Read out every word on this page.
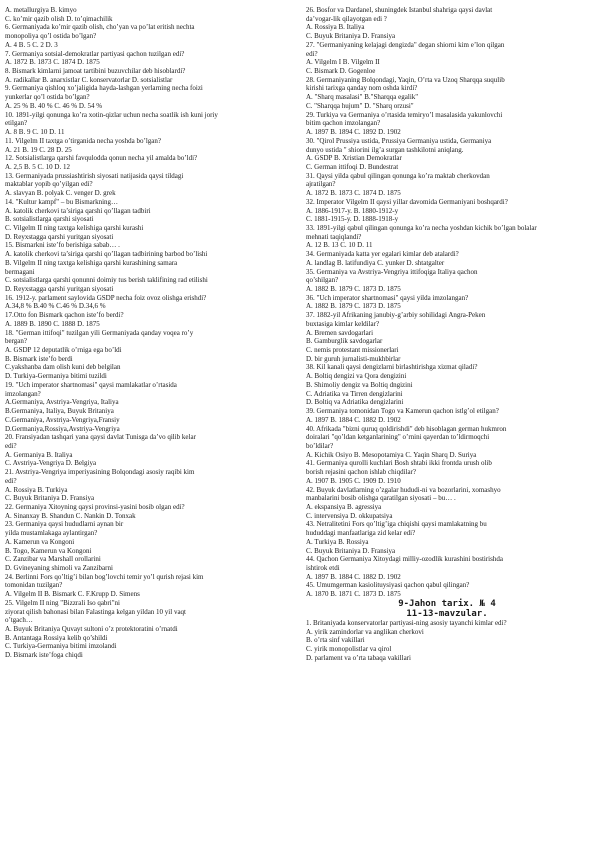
A. metallurgiya B. kimyo
C. ko’mir qazib olish D. to’qimachilik
6. Germaniyada ko’mir qazib olish, cho’yan va po’lat eritish nechta
monopoliya qo’l ostida bo’lgan?
A. 4 B. 5 C. 2 D. 3
7. Germaniya sotsial-demokratlar partiyasi qachon tuzilgan edi?
A. 1872 B. 1873 C. 1874 D. 1875
8. Bismark kimlarni jamoat tartibini buzuvchilar deb hisoblardi?
A. radikallar B. anarxistlar C. konservatorlar D. sotsialistlar
9. Germaniya qishloq xo’jaligida hayda-lashgan yerlarning necha foizi
yunkerlar qo’l ostida bo’lgan?
A. 25 % B. 40 % C. 46 % D. 54 %
10. 1891-yilgi qonunga ko’ra xotin-qizlar uchun necha soatlik ish kuni joriy
etilgan?
A. 8 B. 9 C. 10 D. 11
11. Vilgelm II taxtga o’tirganida necha yoshda bo’lgan?
A. 21 B. 19 C. 28 D. 25
12. Sotsialistlarga qarshi favqulodda qonun necha yil amalda bo’ldi?
A. 2,5 B. 5 C. 10 D. 12
13. Germaniyada prussiashtirish siyosati natijasida qaysi tildagi
maktablar yopib qo’yilgan edi?
A. slavyan B. polyak C. venger D. grek
14. "Kultur kampf" – bu Bismarkning…
A. katolik cherkovi ta’siriga qarshi qo’llagan tadbiri
B. sotsialistlarga qarshi siyosati
C. Vilgelm II ning taxtga kelishiga qarshi kurashi
D. Reyxstagga qarshi yuritgan siyosati
15. Bismarkni iste’fo berishiga sabab… .
A. katolik cherkovi ta’siriga qarshi qo’llagan tadbirining barbod bo’lishi
B. Vilgelm II ning taxtga kelishiga qarshi kurashining samara
bermagani
C. sotsialistlarga qarshi qonunni doimiy tus berish taklifining rad etilishi
D. Reyxstagga qarshi yuritgan siyosati
16. 1912-y. parlament saylovida GSDP necha foiz ovoz olishga erishdi?
A.34,8 % B.40 % C.46 % D.34,6 %
17.Otto fon Bismark qachon iste’fo berdi?
A. 1889 B. 1890 C. 1888 D. 1875
18. "German ittifoqi" tuzilgan yili Germaniyada qanday voqea ro’y
bergan?
A. GSDP 12 deputatlik o’rniga ega bo’ldi
B. Bismark iste’fo berdi
C.yakshanba dam olish kuni deb belgilan
D. Turkiya-Germaniya bitimi tuzildi
19. "Uch imperator shartnomasi" qaysi mamlakatlar o’rtasida
imzolangan?
A.Germaniya, Avstriya-Vengriya, Italiya
B.Germaniya, Italiya, Buyuk Britaniya
C.Germaniya, Avstriya-Vengriya,Fransiy
D.Germaniya,Rossiya,Avstriya-Vengriya
20. Fransiyadan tashqari yana qaysi davlat Tunisga da’vo qilib kelar
edi?
A. Germaniya B. Italiya
C. Avstriya-Vengriya D. Belgiya
21. Avstriya-Vengriya imperiyasining Bolqondagi asosiy raqibi kim
edi?
A. Rossiya B. Turkiya
C. Buyuk Britaniya D. Fransiya
22. Germaniya Xitoyning qaysi provinsi-yasini bosib olgan edi?
A. Sinanxay B. Shandun C. Nankin D. Tonxak
23. Germaniya qaysi hududlarni aynan bir
yilda mustamlakaga aylantirgan?
A. Kamerun va Kongoni
B. Togo, Kamerun va Kongoni
C. Zanzibar va Marshall orollarini
D. Gvineyaning shimoli va Zanzibarni
24. Berlinni Fors qo’ltig’i bilan bog’lovchi temir yo’l qurish rejasi kim
tomonidan tuzilgan?
A. Vilgelm II B. Bismark C. F.Krupp D. Simens
25. Vilgelm II ning "Bizzrali Iso qabri"ni
ziyorat qilish bahonasi bilan Falastinga kelgan yildan 10 yil vaqt
o’tgach…
A. Buyuk Britaniya Quvayt sultoni o’z protektoratini o’rnatdi
B. Antantaga Rossiya kelib qo’shildi
C. Turkiya-Germaniya bitimi imzolandi
D. Bismark iste’foga chiqdi
26. Bosfor va Dardanel, shuningdek Istanbul shahriga qaysi davlat
da’vogar-lik qilayotgan edi ?
A. Rossiya B. Italiya
C. Buyuk Britaniya D. Fransiya
27. "Germaniyaning kelajagi dengizda" degan shiorni kim e’lon qilgan
edi?
A. Vilgelm I B. Vilgelm II
C. Bismark D. Gogenloe
28. Germaniyaning Bolqondagi, Yaqin, O’rta va Uzoq Sharqqa suqulib
kirishi tarixga qanday nom oshda kirdi?
A. "Sharq masalasi" B."Sharqqa egalik"
C. "Sharqqa hujum" D. "Sharq orzusi"
29. Turkiya va Germaniya o’rtasida temiryo’l masalasida yakunlovchi
bitim qachon imzolangan?
A. 1897 B. 1894 C. 1892 D. 1902
30. "Qirol Prussiya ustida, Prussiya Germaniya ustida, Germaniya
dunyo ustida " shiorini ilg’a surgan tashkilotni aniqlang.
A. GSDP B. Xristian Demokratlar
C. German ittifoqi D. Bundestrat
31. Qaysi yilda qabul qilingan qonunga ko’ra maktab cherkovdan
ajratilgan?
A. 1872 B. 1873 C. 1874 D. 1875
32. Imperator Vilgelm II qaysi yillar davomida Germaniyani boshqardi?
A. 1886-1917-y. B. 1880-1912-y
C. 1881-1915-y. D. 1888-1918-y
33. 1891-yilgi qabul qilingan qonunga ko’ra necha yoshdan kichik bo’lgan bolalar
mehnati taqiqlandi?
A. 12 B. 13 C. 10 D. 11
34. Germaniyada katta yer egalari kimlar deb atalardi?
A. landlag B. latifundiya C. yunker D. shtatgalter
35. Germaniya va Avstriya-Vengriya ittifoqiga Italiya qachon
qo’shilgan?
A. 1882 B. 1879 C. 1873 D. 1875
36. "Uch imperator shartnomasi" qaysi yilda imzolangan?
A. 1882 B. 1879 C. 1873 D. 1875
37. 1882-yil Afrikaning janubiy-g’arbiy sohilidagi Angra-Peken
buxtasiga kimlar keldilar?
A. Bremen savdogarlari
B. Gamburglik savdogarlar
C. nemis protestant missionerlari
D. bir guruh jurnalisti-mukhbirlar
38. Kil kanali qaysi dengizlarni birlashtirishga xizmat qiladi?
A. Boltiq dengizi va Qora dengizini
B. Shimoliy dengiz va Boltiq dngizini
C. Adriatika va Tirren dengizlarini
D. Boltiq va Adriatika dengizlarini
39. Germaniya tomonidan Togo va Kamerun qachon istlg’ol etilgan?
A. 1897 B. 1884 C. 1882 D. 1902
40. Afrikada "bizni quruq qoldirishdi" deb hisoblagan german hukmron
doiralari "qo’ldan ketganlarining" o’rnini qayerdan to’ldirmoqchi
bo’ldilar?
A. Kichik Osiyo B. Mesopotamiya C. Yaqin Sharq D. Suriya
41. Germaniya qurolli kuchlari Bosh shtabi ikki frontda urush olib
borish rejasini qachon ishlab chiqdilar?
A. 1907 B. 1905 C. 1909 D. 1910
42. Buyuk davlatlarning o’zgalar hududi-ni va bozorlarini, xomashyo
manbalarini bosib olishga qaratilgan siyosati – bu… .
A. ekspansiya B. agressiya
C. intervensiya D. okkupatsiya
43. Netralitetini Fors qo’ltig’iga chiqishi qaysi mamlakatning bu
hududdagi manfaatlariga zid kelar edi?
A. Turkiya B. Rossiya
C. Buyuk Britaniya D. Fransiya
44. Qachon Germaniya Xitoydagi milliy-ozodlik kurashini bostirishda
ishtirok etdi
A. 1897 B. 1884 C. 1882 D. 1902
45. Umumgerman kasiolituysiyasi qachon qabul qilingan?
A. 1870 B. 1871 C. 1873 D. 1875
9-Jahon tarix. № 4
11-13-mavzular.
1. Britaniyada konservatorlar partiyasi-ning asosiy tayanchi kimlar edi?
A. yirik zamindorlar va anglikan cherkovi
B. o’rta sinf vakillari
C. yirik monopolistlar va qirol
D. parlament va o’rta tabaqa vakillari
